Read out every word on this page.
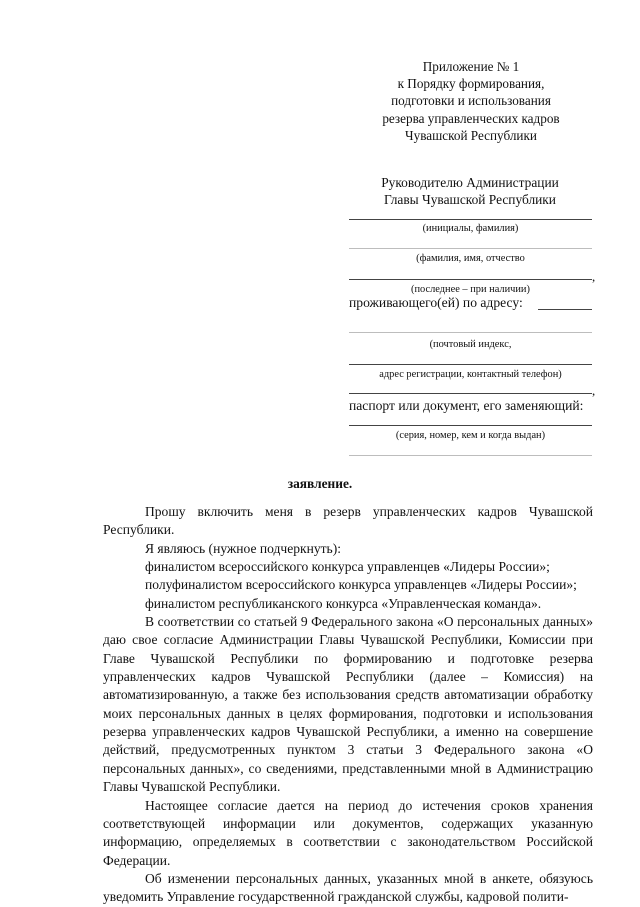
Приложение № 1
к Порядку формирования,
подготовки и использования
резерва управленческих кадров
Чувашской Республики
Руководителю Администрации
Главы Чувашской Республики
(инициалы, фамилия)
(фамилия, имя, отчество
,
(последнее – при наличии)
проживающего(ей) по адресу:
(почтовый индекс,
адрес регистрации, контактный телефон)
,
паспорт или документ, его заменяющий:
(серия, номер, кем и когда выдан)
заявление.

Прошу включить меня в резерв управленческих кадров Чувашской Республики.

Я являюсь (нужное подчеркнуть):

финалистом всероссийского конкурса управленцев «Лидеры России»;

полуфиналистом всероссийского конкурса управленцев «Лидеры России»;

финалистом республиканского конкурса «Управленческая команда».

В соответствии со статьей 9 Федерального закона «О персональных данных» даю свое согласие Администрации Главы Чувашской Республики, Комиссии при Главе Чувашской Республики по формированию и подготовке резерва управленческих кадров Чувашской Республики (далее – Комиссия) на автоматизированную, а также без использования средств автоматизации обработку моих персональных данных в целях формирования, подготовки и использования резерва управленческих кадров Чувашской Республики, а именно на совершение действий, предусмотренных пунктом 3 статьи 3 Федерального закона «О персональных данных», со сведениями, представленными мной в Администрацию Главы Чувашской Республики.

Настоящее согласие дается на период до истечения сроков хранения соответствующей информации или документов, содержащих указанную информацию, определяемых в соответствии с законодательством Российской Федерации.

Об изменении персональных данных, указанных мной в анкете, обязуюсь уведомить Управление государственной гражданской службы, кадровой полити-
